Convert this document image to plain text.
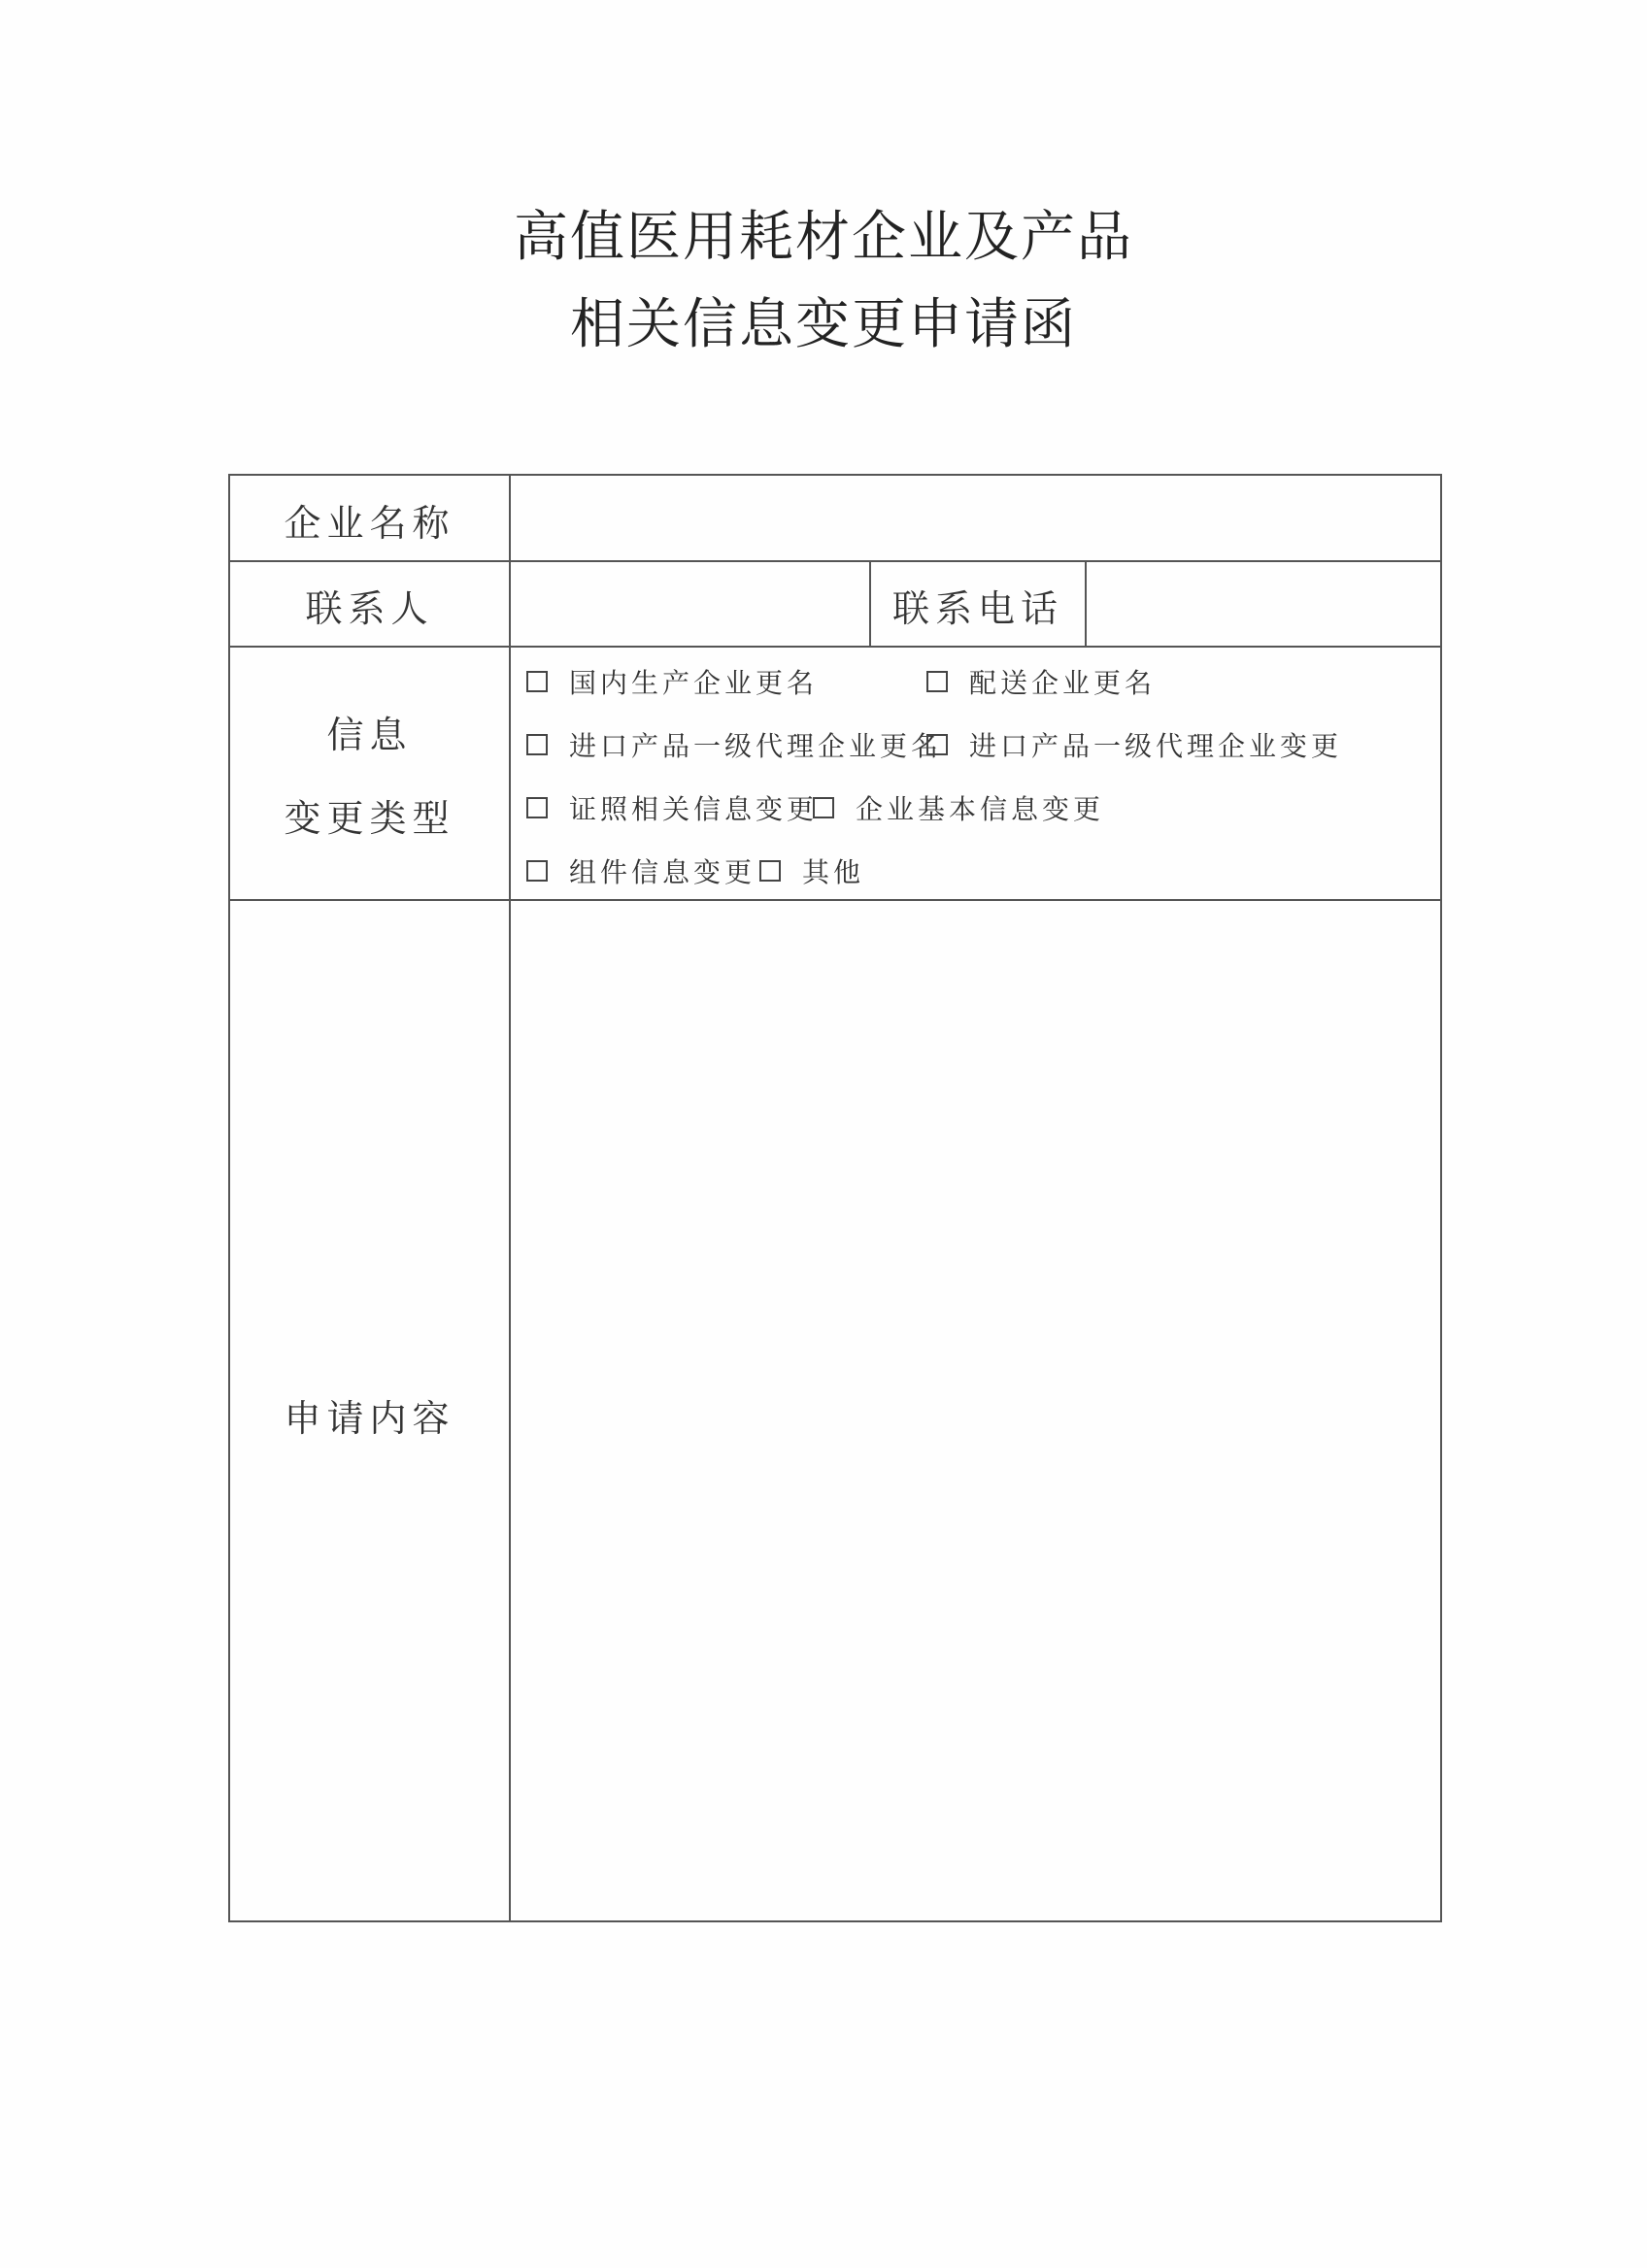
高值医用耗材企业及产品
相关信息变更申请函
企业名称
联系人	联系电话
信息
变更类型
国内生产企业更名	配送企业更名
进口产品一级代理企业更名 进口产品一级代理企业变更
证照相关信息变更 企业基本信息变更
组件信息变更 其他
申请内容
